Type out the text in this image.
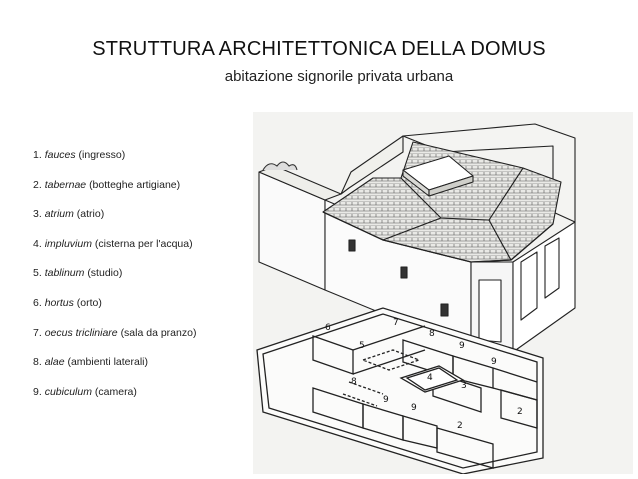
STRUTTURA ARCHITETTONICA DELLA DOMUS
abitazione signorile privata urbana
1. fauces (ingresso)
2. tabernae (botteghe artigiane)
3. atrium (atrio)
4. impluvium (cisterna per l'acqua)
5. tablinum (studio)
6. hortus (orto)
7. oecus tricliniare (sala da pranzo)
8. alae (ambienti laterali)
9. cubiculum (camera)
6	7
8
9
9
5
4
3
2
8
9
9
2
